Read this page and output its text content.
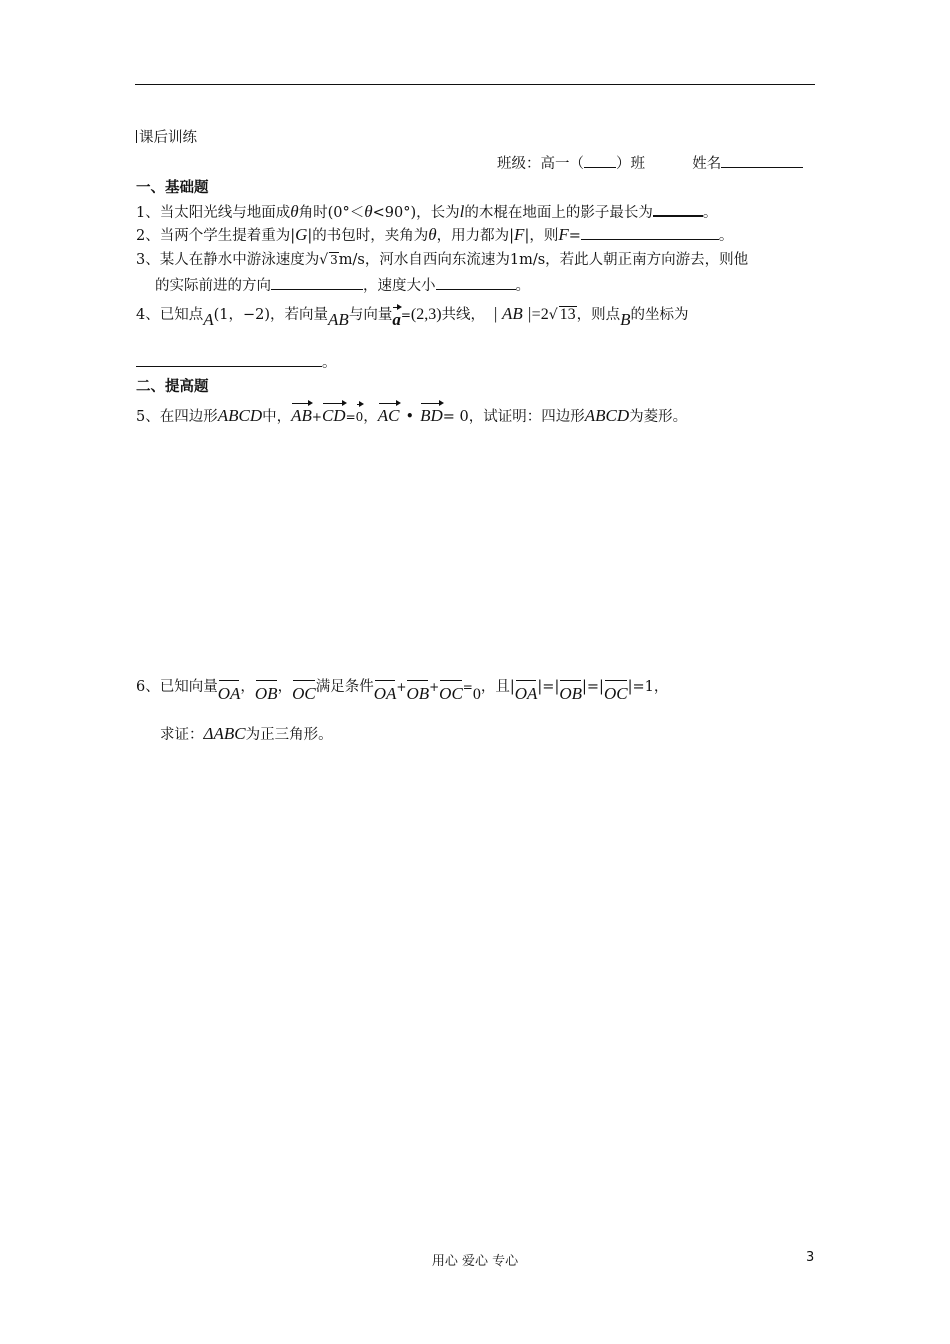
课后训练
班级：高一（ ）班	姓名
一、基础题
1、当太阳光线与地面成θ角时(0°＜θ<90°)，长为l的木棍在地面上的影子最长为	。
2、当两个学生提着重为|G|的书包时，夹角为θ，用力都为|F|，则F=	。
3、某人在静水中游泳速度为√ 3m/s，河水自西向东流速为1m/s，若此人朝正南方向游去，则他
的实际前进的方向	，速度大小	。
4、已知点A(1，−2)，若向量AB与向量a=(2,3)共线， | AB |=2√ 13，则点B的坐标为
。
二、提高题
5、在四边形ABCD中，AB+CD=0，AC • BD= 0，试证明：四边形ABCD为菱形。
6、已知向量OA，OB，OC满足条件OA+OB+OC=0，且|OA|=|OB|=|OC|=1，
求证：ΔABC为正三角形。
用心 爱心 专心	3
